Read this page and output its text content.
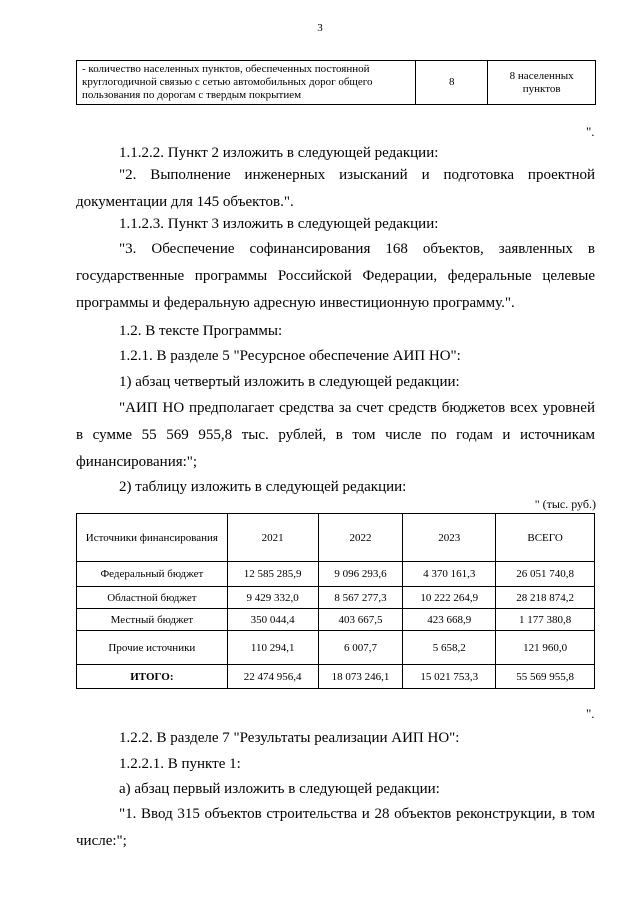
3
- количество населенных пунктов, обеспеченных постоянной круглогодичной связью с сетью автомобильных дорог общего пользования по дорогам с твердым покрытием	8	8 населенных пунктов
".
1.1.2.2. Пункт 2 изложить в следующей редакции:
"2. Выполнение инженерных изысканий и подготовка проектной документации для 145 объектов.".
1.1.2.3. Пункт 3 изложить в следующей редакции:
"3. Обеспечение софинансирования 168 объектов, заявленных в государственные программы Российской Федерации, федеральные целевые программы и федеральную адресную инвестиционную программу.".
1.2. В тексте Программы:
1.2.1. В разделе 5 "Ресурсное обеспечение АИП НО":
1) абзац четвертый изложить в следующей редакции:
"АИП НО предполагает средства за счет средств бюджетов всех уровней в сумме 55 569 955,8 тыс. рублей, в том числе по годам и источникам финансирования:";
2) таблицу изложить в следующей редакции:
" (тыс. руб.)
Источники финансирования	2021	2022	2023	ВСЕГО
Федеральный бюджет	12 585 285,9	9 096 293,6	4 370 161,3	26 051 740,8
Областной бюджет	9 429 332,0	8 567 277,3	10 222 264,9	28 218 874,2
Местный бюджет	350 044,4	403 667,5	423 668,9	1 177 380,8
Прочие источники	110 294,1	6 007,7	5 658,2	121 960,0
ИТОГО:	22 474 956,4	18 073 246,1	15 021 753,3	55 569 955,8
".
1.2.2. В разделе 7 "Результаты реализации АИП НО":
1.2.2.1. В пункте 1:
а) абзац первый изложить в следующей редакции:
"1. Ввод 315 объектов строительства и 28 объектов реконструкции, в том числе:";
